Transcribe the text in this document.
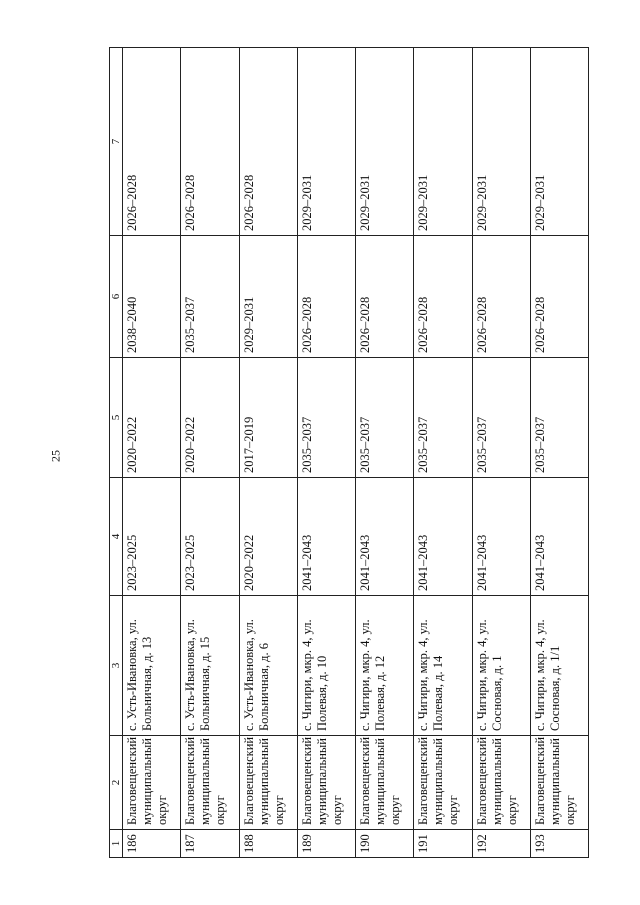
25
1	2	3	4	5	6	7
186	Благовещенский муниципальный округ	с. Усть-Ивановка, ул. Больничная, д. 13	2023–2025	2020–2022	2038–2040	2026–2028
187	Благовещенский муниципальный округ	с. Усть-Ивановка, ул. Больничная, д. 15	2023–2025	2020–2022	2035–2037	2026–2028
188	Благовещенский муниципальный округ	с. Усть-Ивановка, ул. Больничная, д. 6	2020–2022	2017–2019	2029–2031	2026–2028
189	Благовещенский муниципальный округ	с. Чигири, мкр. 4, ул. Полевая, д. 10	2041–2043	2035–2037	2026–2028	2029–2031
190	Благовещенский муниципальный округ	с. Чигири, мкр. 4, ул. Полевая, д. 12	2041–2043	2035–2037	2026–2028	2029–2031
191	Благовещенский муниципальный округ	с. Чигири, мкр. 4, ул. Полевая, д. 14	2041–2043	2035–2037	2026–2028	2029–2031
192	Благовещенский муниципальный округ	с. Чигири, мкр. 4, ул. Сосновая, д. 1	2041–2043	2035–2037	2026–2028	2029–2031
193	Благовещенский муниципальный округ	с. Чигири, мкр. 4, ул. Сосновая, д. 1/1	2041–2043	2035–2037	2026–2028	2029–2031
